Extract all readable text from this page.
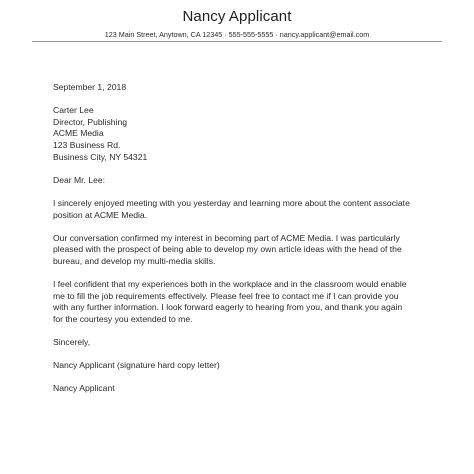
Nancy Applicant
123 Main Street, Anytown, CA 12345 · 555-555-5555 · nancy.applicant@email.com
September 1, 2018
Carter Lee
Director, Publishing
ACME Media
123 Business Rd.
Business City, NY 54321
Dear Mr. Lee:
I sincerely enjoyed meeting with you yesterday and learning more about the content associate
position at ACME Media.
Our conversation confirmed my interest in becoming part of ACME Media. I was particularly
pleased with the prospect of being able to develop my own article ideas with the head of the
bureau, and develop my multi-media skills.
I feel confident that my experiences both in the workplace and in the classroom would enable
me to fill the job requirements effectively. Please feel free to contact me if I can provide you
with any further information. I look forward eagerly to hearing from you, and thank you again
for the courtesy you extended to me.
Sincerely,
Nancy Applicant (signature hard copy letter)
Nancy Applicant
